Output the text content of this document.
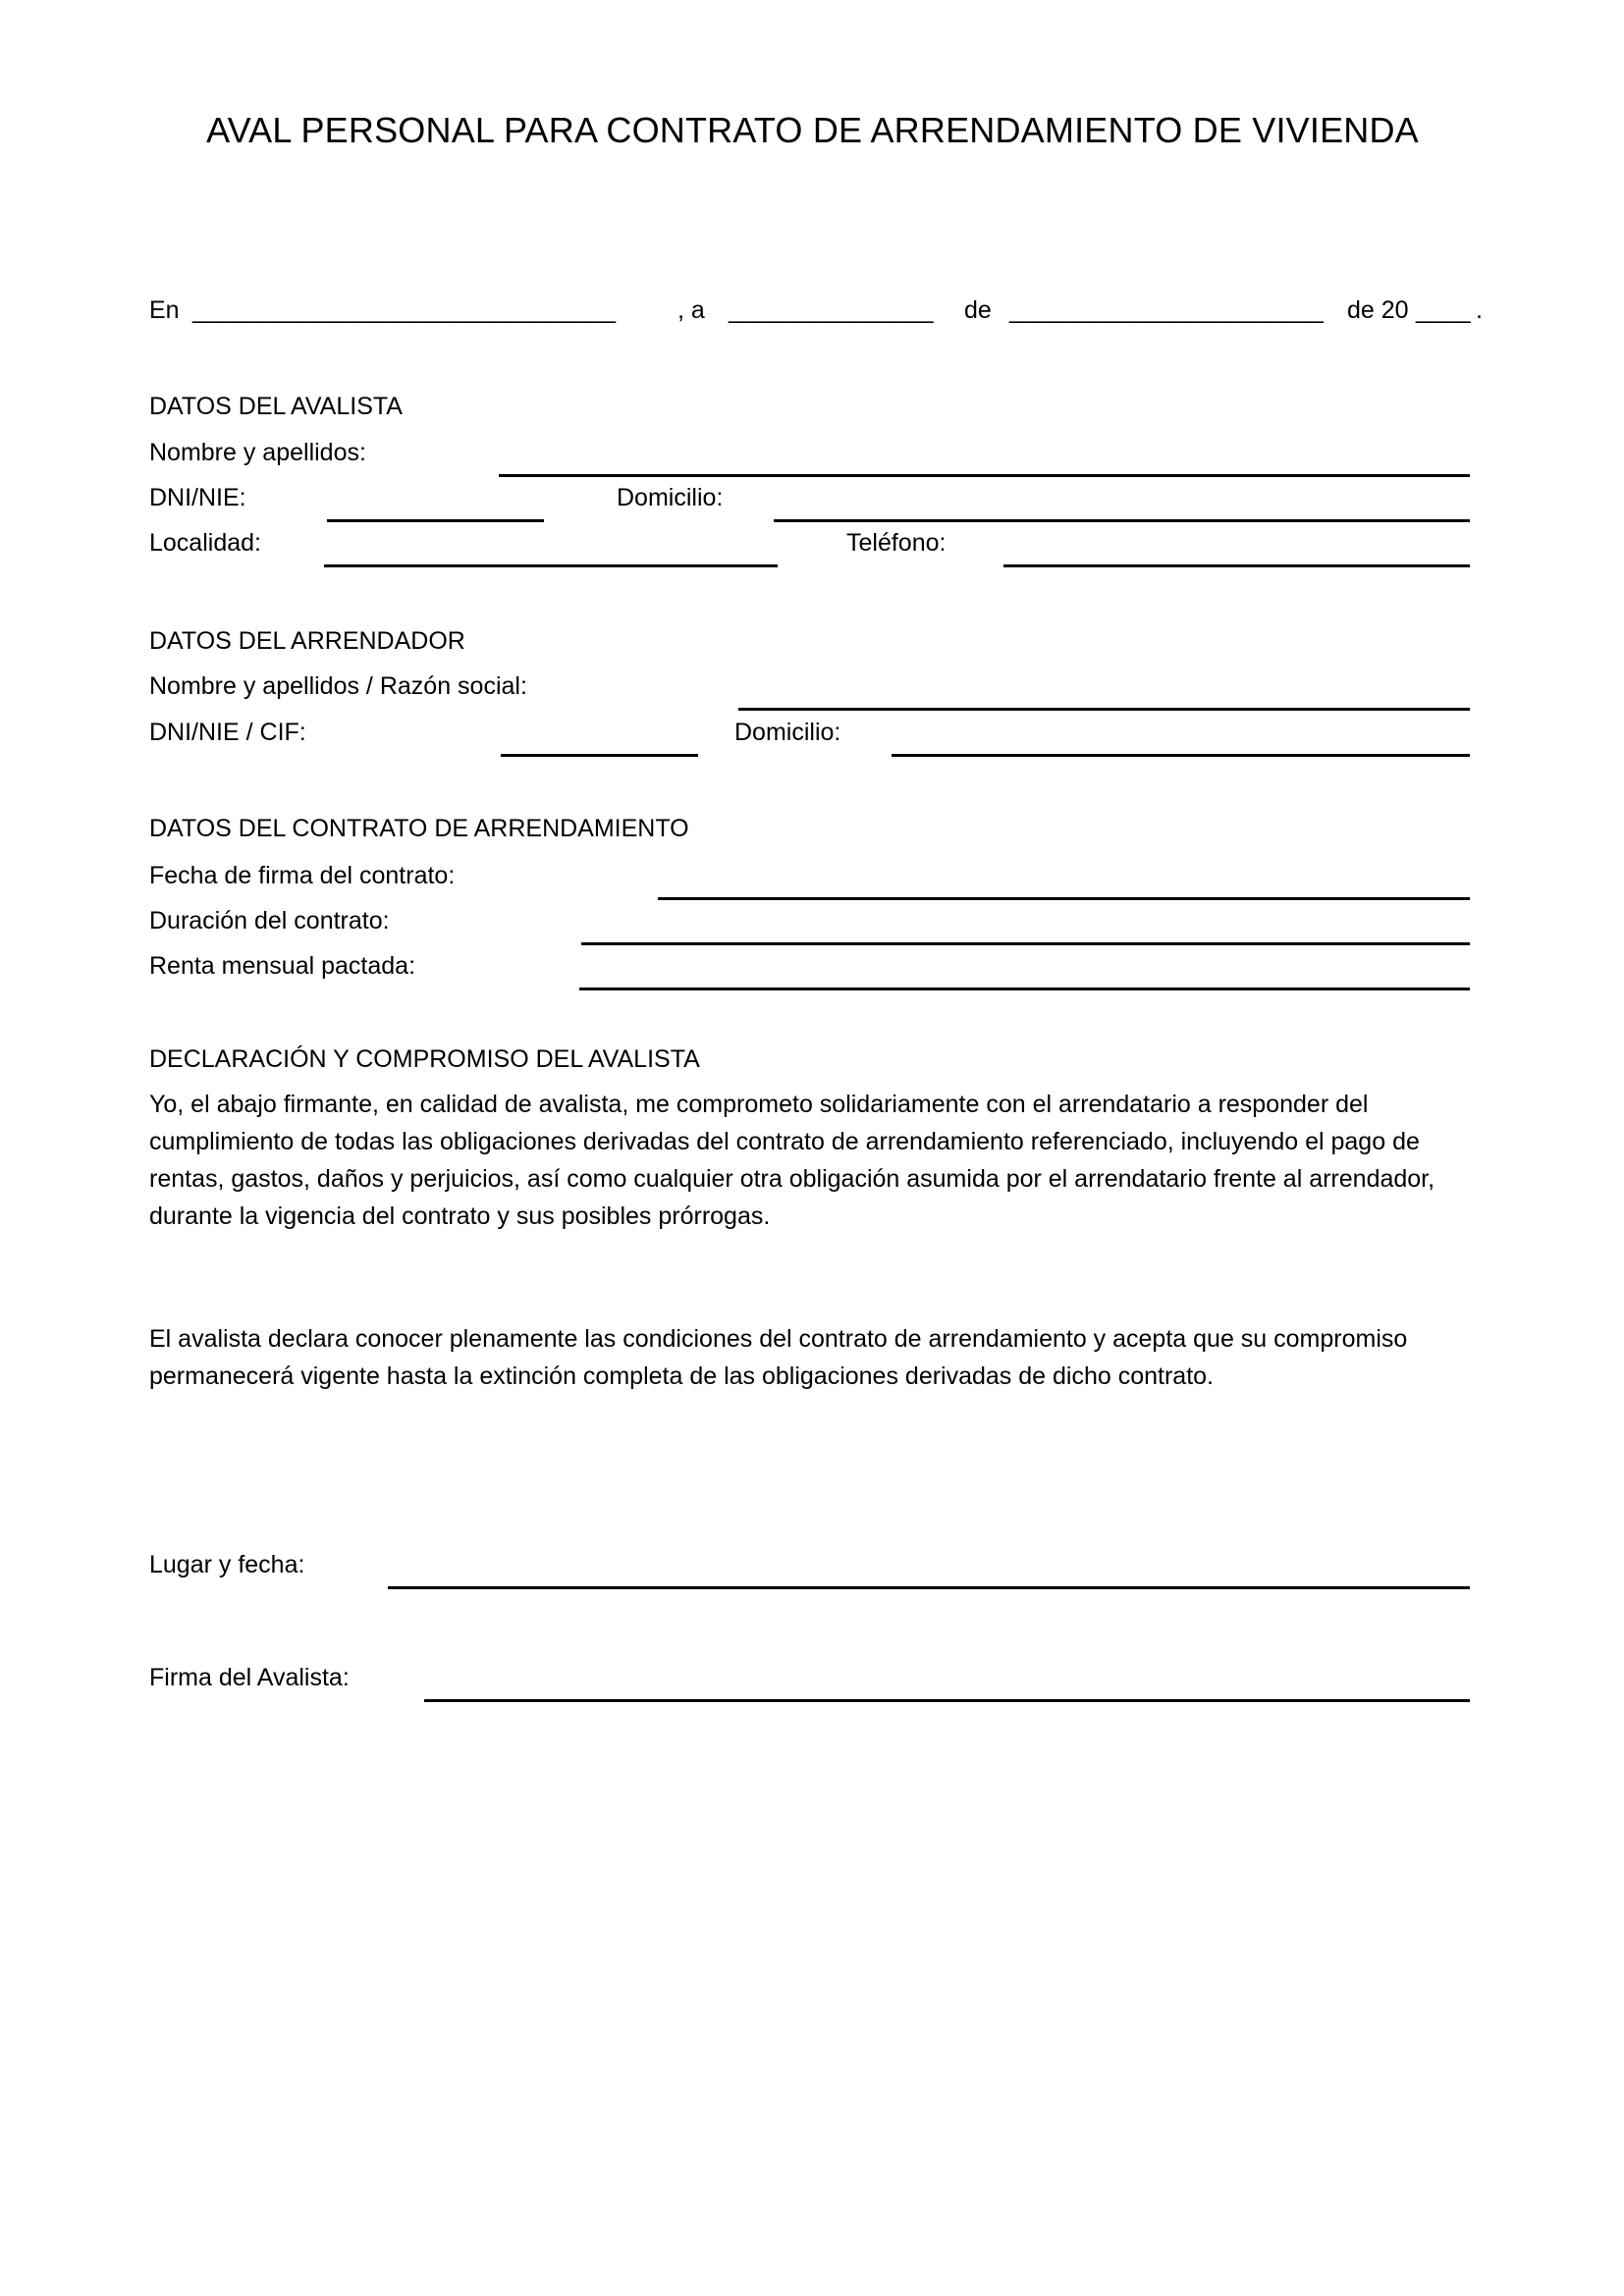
AVAL PERSONAL PARA CONTRATO DE ARRENDAMIENTO DE VIVIENDA
En _______________________________	, a _______________ de _______________________ de 20 ____ .
DATOS DEL AVALISTA
Nombre y apellidos:
DNI/NIE:	Domicilio:
Localidad:	Teléfono:
DATOS DEL ARRENDADOR
Nombre y apellidos / Razón social:
DNI/NIE / CIF:	Domicilio:
DATOS DEL CONTRATO DE ARRENDAMIENTO
Fecha de firma del contrato:
Duración del contrato:
Renta mensual pactada:
DECLARACIÓN Y COMPROMISO DEL AVALISTA
Yo, el abajo firmante, en calidad de avalista, me comprometo solidariamente con el arrendatario a responder del cumplimiento de todas las obligaciones derivadas del contrato de arrendamiento referenciado, incluyendo el pago de rentas, gastos, daños y perjuicios, así como cualquier otra obligación asumida por el arrendatario frente al arrendador, durante la vigencia del contrato y sus posibles prórrogas.
El avalista declara conocer plenamente las condiciones del contrato de arrendamiento y acepta que su compromiso permanecerá vigente hasta la extinción completa de las obligaciones derivadas de dicho contrato.
Lugar y fecha:
Firma del Avalista:
